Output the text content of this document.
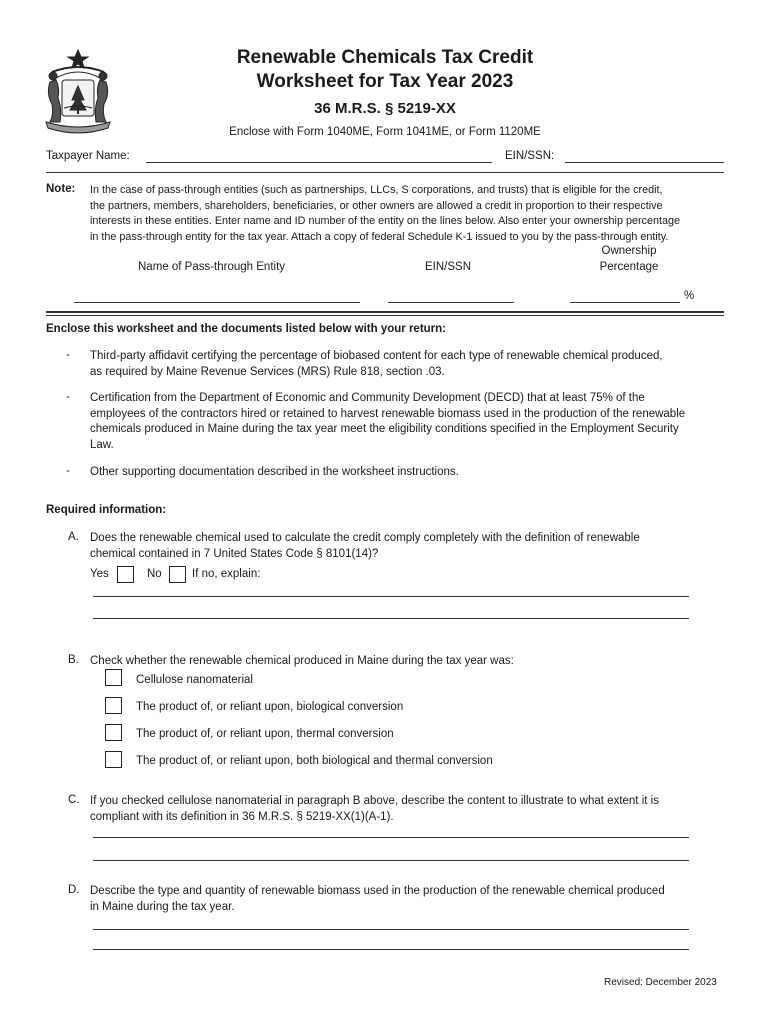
Renewable Chemicals Tax Credit
Worksheet for Tax Year 2023
36 M.R.S. § 5219-XX
Enclose with Form 1040ME, Form 1041ME, or Form 1120ME
Taxpayer Name:	EIN/SSN:
Note: In the case of pass-through entities (such as partnerships, LLCs, S corporations, and trusts) that is eligible for the credit,
the partners, members, shareholders, beneficiaries, or other owners are allowed a credit in proportion to their respective
interests in these entities. Enter name and ID number of the entity on the lines below. Also enter your ownership percentage
in the pass-through entity for the tax year. Attach a copy of federal Schedule K-1 issued to you by the pass-through entity.
Ownership
Name of Pass-through Entity	EIN/SSN	Percentage
%
Enclose this worksheet and the documents listed below with your return:
- Third-party affidavit certifying the percentage of biobased content for each type of renewable chemical produced,
as required by Maine Revenue Services (MRS) Rule 818, section .03.
- Certification from the Department of Economic and Community Development (DECD) that at least 75% of the
employees of the contractors hired or retained to harvest renewable biomass used in the production of the renewable
chemicals produced in Maine during the tax year meet the eligibility conditions specified in the Employment Security
Law.
- Other supporting documentation described in the worksheet instructions.
Required information:
A. Does the renewable chemical used to calculate the credit comply completely with the definition of renewable
chemical contained in 7 United States Code § 8101(14)?
Yes	No	If no, explain:
B. Check whether the renewable chemical produced in Maine during the tax year was:
Cellulose nanomaterial
The product of, or reliant upon, biological conversion
The product of, or reliant upon, thermal conversion
The product of, or reliant upon, both biological and thermal conversion
C. If you checked cellulose nanomaterial in paragraph B above, describe the content to illustrate to what extent it is
compliant with its definition in 36 M.R.S. § 5219-XX(1)(A-1).
D. Describe the type and quantity of renewable biomass used in the production of the renewable chemical produced
in Maine during the tax year.
Revised: December 2023
